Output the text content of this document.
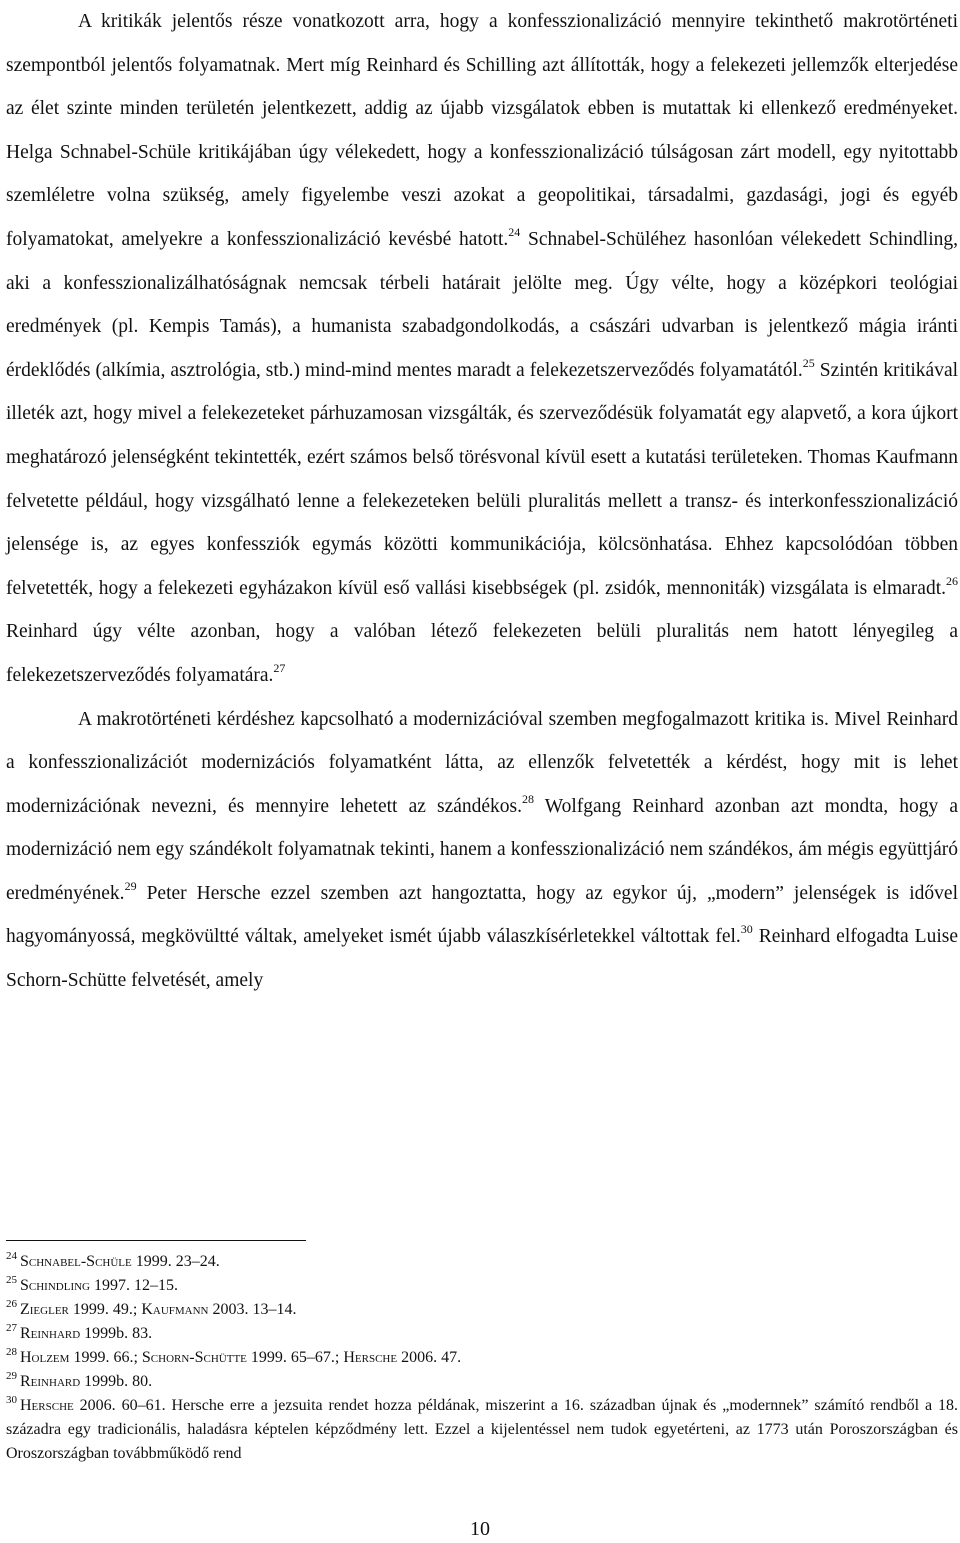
A kritikák jelentős része vonatkozott arra, hogy a konfesszionalizáció mennyire tekinthető makrotörténeti szempontból jelentős folyamatnak. Mert míg Reinhard és Schilling azt állították, hogy a felekezeti jellemzők elterjedése az élet szinte minden területén jelentkezett, addig az újabb vizsgálatok ebben is mutattak ki ellenkező eredményeket. Helga Schnabel-Schüle kritikájában úgy vélekedett, hogy a konfesszionalizáció túlságosan zárt modell, egy nyitottabb szemléletre volna szükség, amely figyelembe veszi azokat a geopolitikai, társadalmi, gazdasági, jogi és egyéb folyamatokat, amelyekre a konfesszionalizáció kevésbé hatott.$^{24}$ Schnabel-Schüléhez hasonlóan vélekedett Schindling, aki a konfesszionalizálhatóságnak nemcsak térbeli határait jelölte meg. Úgy vélte, hogy a középkori teológiai eredmények (pl. Kempis Tamás), a humanista szabadgondolkodás, a császári udvarban is jelentkező mágia iránti érdeklődés (alkímia, asztrológia, stb.) mind-mind mentes maradt a felekezetszerveződés folyamatától.$^{25}$ Szintén kritikával illeték azt, hogy mivel a felekezeteket párhuzamosan vizsgálták, és szerveződésük folyamatát egy alapvető, a kora újkort meghatározó jelenségként tekintették, ezért számos belső törésvonal kívül esett a kutatási területeken. Thomas Kaufmann felvetette például, hogy vizsgálható lenne a felekezeteken belüli pluralitás mellett a transz- és interkonfesszionalizáció jelensége is, az egyes konfessziók egymás közötti kommunikációja, kölcsönhatása. Ehhez kapcsolódóan többen felvetették, hogy a felekezeti egyházakon kívül eső vallási kisebbségek (pl. zsidók, mennoniták) vizsgálata is elmaradt.$^{26}$ Reinhard úgy vélte azonban, hogy a valóban létező felekezeten belüli pluralitás nem hatott lényegileg a felekezetszerveződés folyamatára.$^{27}$

A makrotörténeti kérdéshez kapcsolható a modernizációval szemben megfogalmazott kritika is. Mivel Reinhard a konfesszionalizációt modernizációs folyamatként látta, az ellenzők felvetették a kérdést, hogy mit is lehet modernizációnak nevezni, és mennyire lehetett az szándékos.$^{28}$ Wolfgang Reinhard azonban azt mondta, hogy a modernizáció nem egy szándékolt folyamatnak tekinti, hanem a konfesszionalizáció nem szándékos, ám mégis együttjáró eredményének.$^{29}$ Peter Hersche ezzel szemben azt hangoztatta, hogy az egykor új, „modern” jelenségek is idővel hagyományossá, megkövültté váltak, amelyeket ismét újabb válaszkísérletekkel váltottak fel.$^{30}$ Reinhard elfogadta Luise Schorn-Schütte felvetését, amely

$^{24}$ Schnabel-Schüle 1999. 23–24.

$^{25}$ Schindling 1997. 12–15.

$^{26}$ Ziegler 1999. 49.; Kaufmann 2003. 13–14.

$^{27}$ Reinhard 1999b. 83.

$^{28}$ Holzem 1999. 66.; Schorn-Schütte 1999. 65–67.; Hersche 2006. 47.

$^{29}$ Reinhard 1999b. 80.

$^{30}$ Hersche 2006. 60–61. Hersche erre a jezsuita rendet hozza példának, miszerint a 16. században újnak és „modernnek” számító rendből a 18. századra egy tradicionális, haladásra képtelen képződmény lett. Ezzel a kijelentéssel nem tudok egyetérteni, az 1773 után Poroszországban és Oroszországban továbbműködő rend

10
